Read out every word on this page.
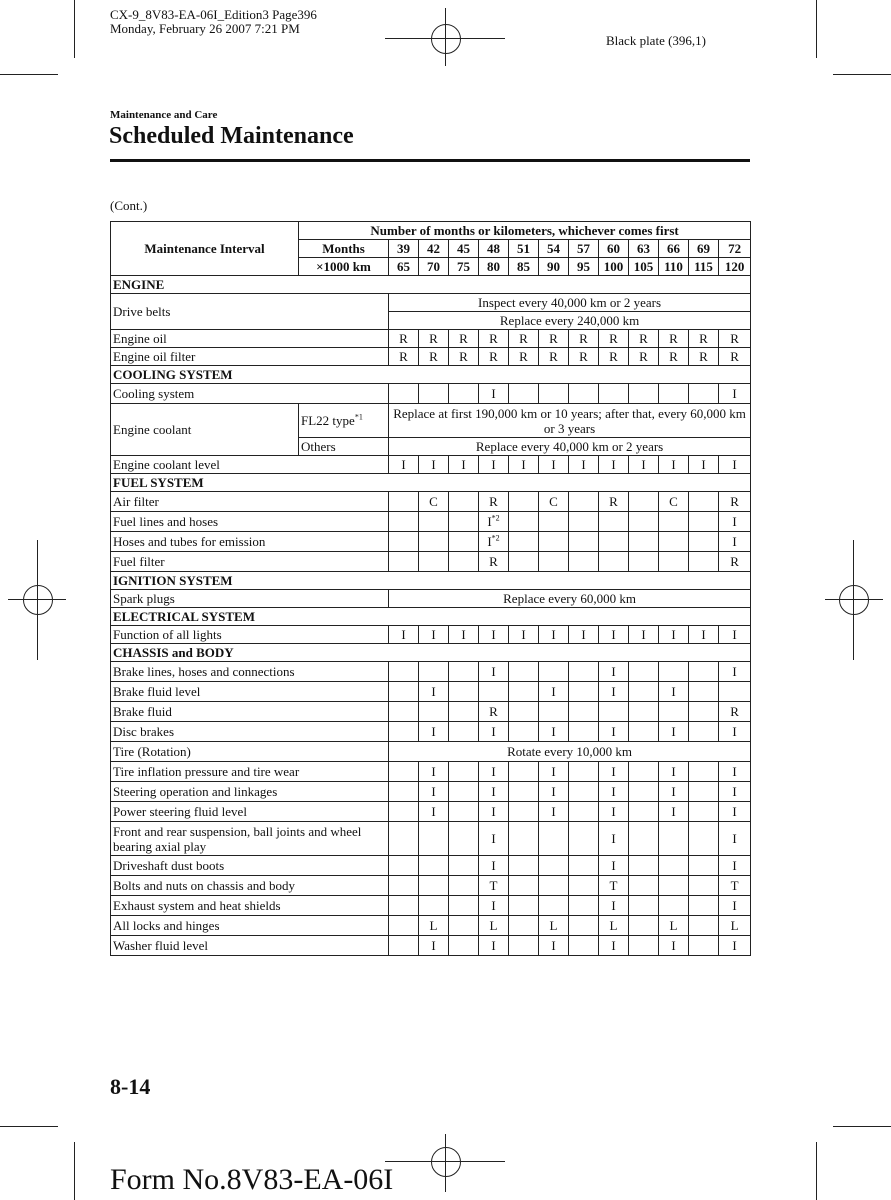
CX-9_8V83-EA-06I_Edition3 Page396
Monday, February 26 2007 7:21 PM
Black plate (396,1)
Maintenance and Care
Scheduled Maintenance
(Cont.)
Maintenance Interval	Number of months or kilometers, whichever comes first												
	Months	39	42	45	48	51	54	57	60	63	66	69	72
	×1000 km	65	70	75	80	85	90	95	100	105	110	115	120
ENGINE													
Drive belts		Inspect every 40,000 km or 2 years											
		Replace every 240,000 km											
Engine oil		R	R	R	R	R	R	R	R	R	R	R	R
Engine oil filter		R	R	R	R	R	R	R	R	R	R	R	R
COOLING SYSTEM													
Cooling system					I								I
Engine coolant	FL22 type$^{*1}$	Replace at first 190,000 km or 10 years; after that, every 60,000 km or 3 years											
	Others	Replace every 40,000 km or 2 years											
Engine coolant level		I	I	I	I	I	I	I	I	I	I	I	I
FUEL SYSTEM													
Air filter			C		R		C		R		C		R
Fuel lines and hoses					$I^{*2}$								I
Hoses and tubes for emission					$I^{*2}$								I
Fuel filter					R								R
IGNITION SYSTEM													
Spark plugs		Replace every 60,000 km											
ELECTRICAL SYSTEM													
Function of all lights		I	I	I	I	I	I	I	I	I	I	I	I
CHASSIS and BODY													
Brake lines, hoses and connections					I				I				I
Brake fluid level			I				I		I		I		
Brake fluid					R								R
Disc brakes			I		I		I		I		I		I
Tire (Rotation)		Rotate every 10,000 km											
Tire inflation pressure and tire wear			I		I		I		I		I		I
Steering operation and linkages			I		I		I		I		I		I
Power steering fluid level			I		I		I		I		I		I
Front and rear suspension, ball joints and wheel bearing axial play					I				I				I
Driveshaft dust boots					I				I				I
Bolts and nuts on chassis and body					T				T				T
Exhaust system and heat shields					I				I				I
All locks and hinges			L		L		L		L		L		L
Washer fluid level			I		I		I		I		I		I
8-14
Form No.8V83-EA-06I
